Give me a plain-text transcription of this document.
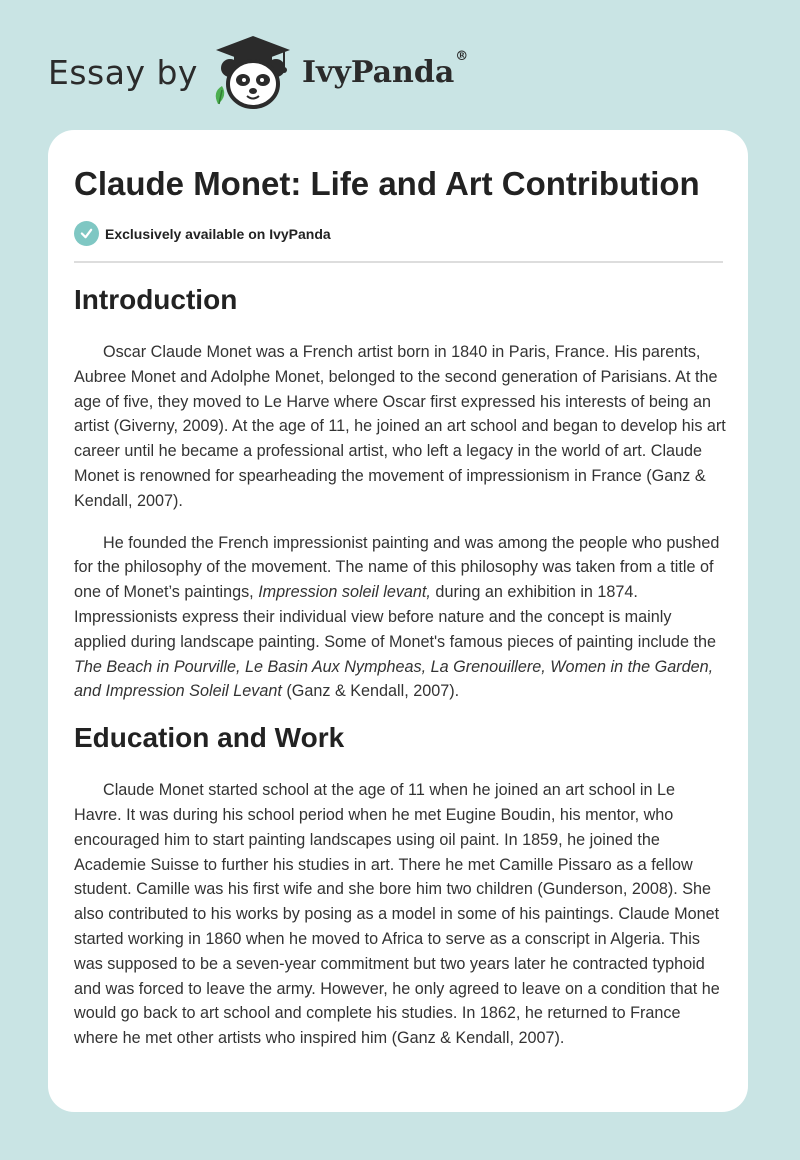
Essay by	IvyPanda®
Claude Monet: Life and Art Contribution
Exclusively available on IvyPanda
Introduction

Oscar Claude Monet was a French artist born in 1840 in Paris, France. His parents, Aubree Monet and Adolphe Monet, belonged to the second generation of Parisians. At the age of five, they moved to Le Harve where Oscar first expressed his interests of being an artist (Giverny, 2009). At the age of 11, he joined an art school and began to develop his art career until he became a professional artist, who left a legacy in the world of art. Claude Monet is renowned for spearheading the movement of impressionism in France (Ganz & Kendall, 2007).

He founded the French impressionist painting and was among the people who pushed for the philosophy of the movement. The name of this philosophy was taken from a title of one of Monet’s paintings, Impression soleil levant, during an exhibition in 1874. Impressionists express their individual view before nature and the concept is mainly applied during landscape painting. Some of Monet's famous pieces of painting include the The Beach in Pourville, Le Basin Aux Nympheas, La Grenouillere, Women in the Garden, and Impression Soleil Levant (Ganz & Kendall, 2007).

Education and Work

Claude Monet started school at the age of 11 when he joined an art school in Le Havre. It was during his school period when he met Eugine Boudin, his mentor, who encouraged him to start painting landscapes using oil paint. In 1859, he joined the Academie Suisse to further his studies in art. There he met Camille Pissaro as a fellow student. Camille was his first wife and she bore him two children (Gunderson, 2008). She also contributed to his works by posing as a model in some of his paintings. Claude Monet started working in 1860 when he moved to Africa to serve as a conscript in Algeria. This was supposed to be a seven-year commitment but two years later he contracted typhoid and was forced to leave the army. However, he only agreed to leave on a condition that he would go back to art school and complete his studies. In 1862, he returned to France where he met other artists who inspired him (Ganz & Kendall, 2007).
